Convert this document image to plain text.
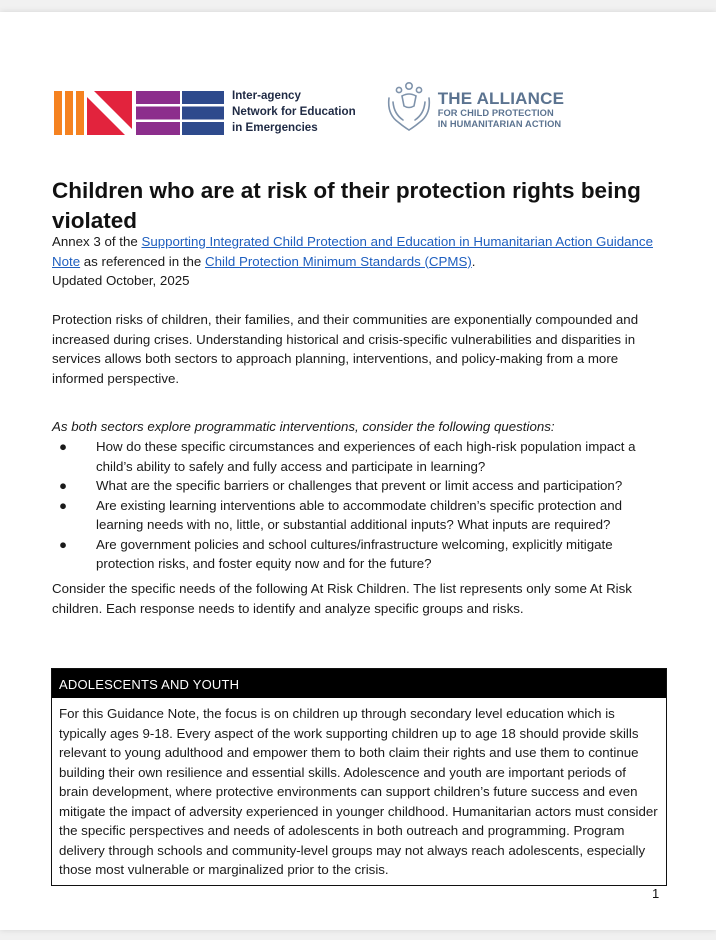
Inter-agency
Network for Education
in Emergencies
THE ALLIANCE
FOR CHILD PROTECTION
IN HUMANITARIAN ACTION
Children who are at risk of their protection rights being violated
Annex 3 of the Supporting Integrated Child Protection and Education in Humanitarian Action Guidance Note as referenced in the Child Protection Minimum Standards (CPMS).
Updated October, 2025
Protection risks of children, their families, and their communities are exponentially compounded and increased during crises. Understanding historical and crisis-specific vulnerabilities and disparities in services allows both sectors to approach planning, interventions, and policy-making from a more informed perspective.
As both sectors explore programmatic interventions, consider the following questions:
● How do these specific circumstances and experiences of each high-risk population impact a child’s ability to safely and fully access and participate in learning?
● What are the specific barriers or challenges that prevent or limit access and participation?
● Are existing learning interventions able to accommodate children’s specific protection and learning needs with no, little, or substantial additional inputs? What inputs are required?
● Are government policies and school cultures/infrastructure welcoming, explicitly mitigate protection risks, and foster equity now and for the future?
Consider the specific needs of the following At Risk Children. The list represents only some At Risk children. Each response needs to identify and analyze specific groups and risks.
ADOLESCENTS AND YOUTH
For this Guidance Note, the focus is on children up through secondary level education which is typically ages 9-18. Every aspect of the work supporting children up to age 18 should provide skills relevant to young adulthood and empower them to both claim their rights and use them to continue building their own resilience and essential skills. Adolescence and youth are important periods of brain development, where protective environments can support children’s future success and even mitigate the impact of adversity experienced in younger childhood. Humanitarian actors must consider the specific perspectives and needs of adolescents in both outreach and programming. Program delivery through schools and community-level groups may not always reach adolescents, especially those most vulnerable or marginalized prior to the crisis.
1
